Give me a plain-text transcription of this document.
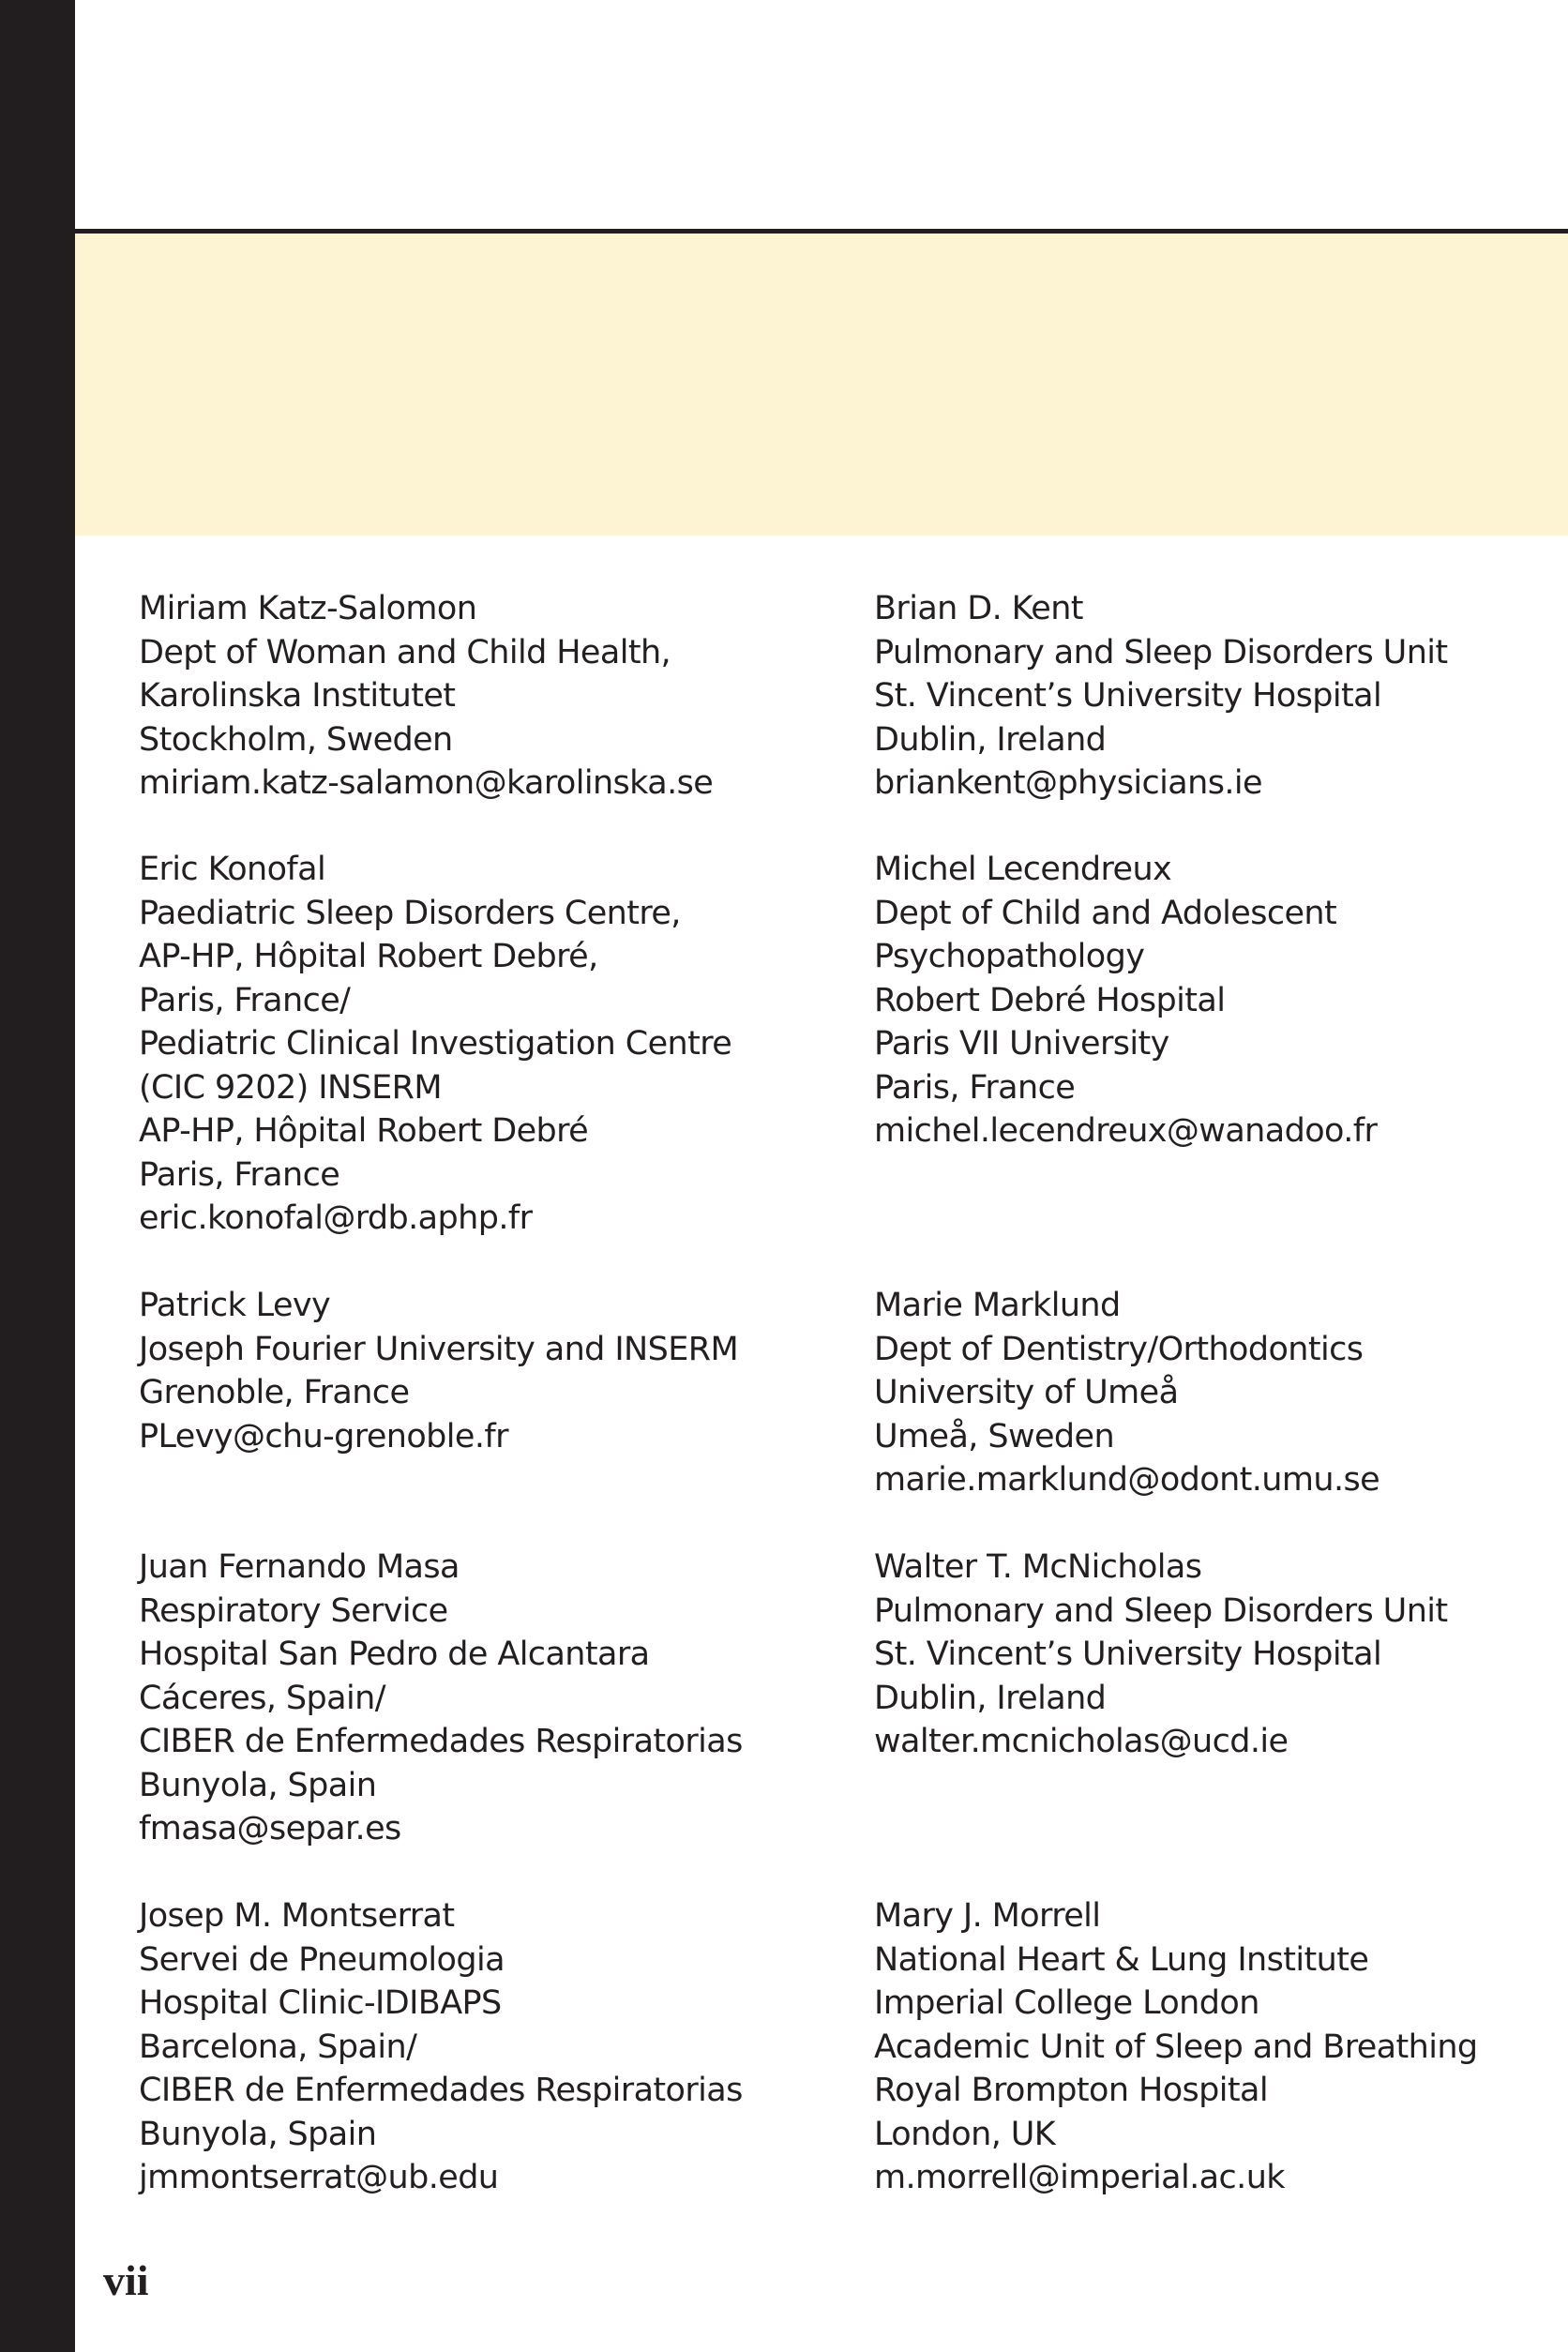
Miriam Katz-Salomon
Dept of Woman and Child Health,
Karolinska Institutet
Stockholm, Sweden
miriam.katz-salamon@karolinska.se
Brian D. Kent
Pulmonary and Sleep Disorders Unit
St. Vincent’s University Hospital
Dublin, Ireland
briankent@physicians.ie
Eric Konofal
Paediatric Sleep Disorders Centre,
AP-HP, Hôpital Robert Debré,
Paris, France/
Pediatric Clinical Investigation Centre
(CIC 9202) INSERM
AP-HP, Hôpital Robert Debré
Paris, France
eric.konofal@rdb.aphp.fr
Michel Lecendreux
Dept of Child and Adolescent
Psychopathology
Robert Debré Hospital
Paris VII University
Paris, France
michel.lecendreux@wanadoo.fr
Patrick Levy
Joseph Fourier University and INSERM
Grenoble, France
PLevy@chu-grenoble.fr
Marie Marklund
Dept of Dentistry/Orthodontics
University of Umeå
Umeå, Sweden
marie.marklund@odont.umu.se
Juan Fernando Masa
Respiratory Service
Hospital San Pedro de Alcantara
Cáceres, Spain/
CIBER de Enfermedades Respiratorias
Bunyola, Spain
fmasa@separ.es
Walter T. McNicholas
Pulmonary and Sleep Disorders Unit
St. Vincent’s University Hospital
Dublin, Ireland
walter.mcnicholas@ucd.ie
Josep M. Montserrat
Servei de Pneumologia
Hospital Clinic-IDIBAPS
Barcelona, Spain/
CIBER de Enfermedades Respiratorias
Bunyola, Spain
jmmontserrat@ub.edu
Mary J. Morrell
National Heart & Lung Institute
Imperial College London
Academic Unit of Sleep and Breathing
Royal Brompton Hospital
London, UK
m.morrell@imperial.ac.uk
vii
